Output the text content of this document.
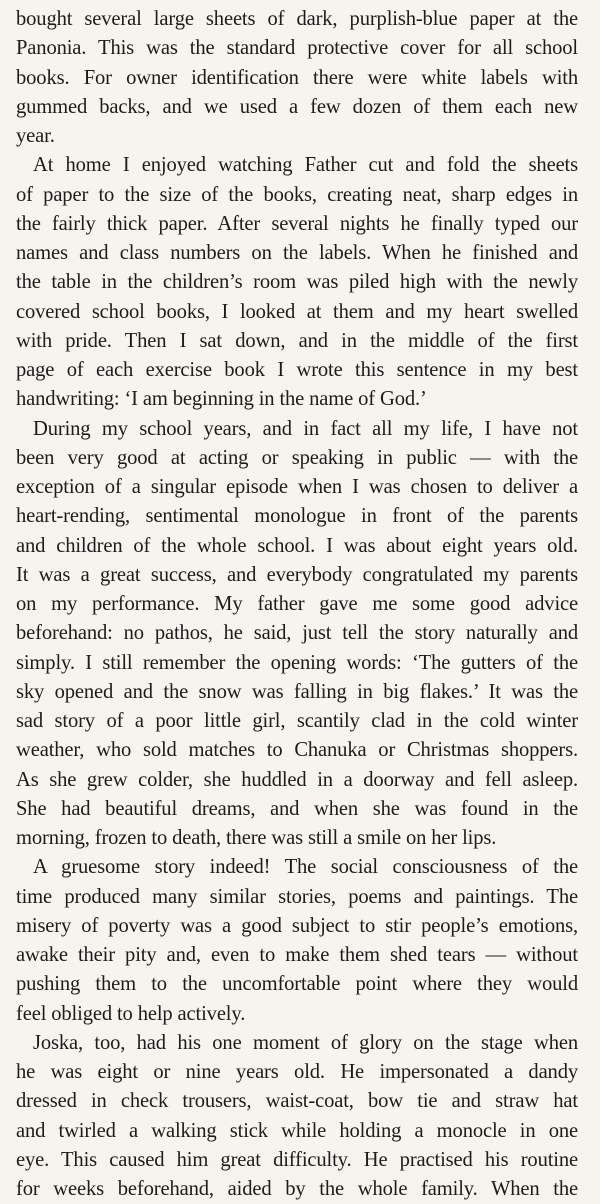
bought several large sheets of dark, purplish-blue paper at the
Panonia. This was the standard protective cover for all school
books. For owner identification there were white labels with
gummed backs, and we used a few dozen of them each new
year.
At home I enjoyed watching Father cut and fold the sheets
of paper to the size of the books, creating neat, sharp edges in
the fairly thick paper. After several nights he finally typed our
names and class numbers on the labels. When he finished and
the table in the children’s room was piled high with the newly
covered school books, I looked at them and my heart swelled
with pride. Then I sat down, and in the middle of the first
page of each exercise book I wrote this sentence in my best
handwriting: ‘I am beginning in the name of God.’
During my school years, and in fact all my life, I have not
been very good at acting or speaking in public — with the
exception of a singular episode when I was chosen to deliver a
heart-rending, sentimental monologue in front of the parents
and children of the whole school. I was about eight years old.
It was a great success, and everybody congratulated my parents
on my performance. My father gave me some good advice
beforehand: no pathos, he said, just tell the story naturally and
simply. I still remember the opening words: ‘The gutters of the
sky opened and the snow was falling in big flakes.’ It was the
sad story of a poor little girl, scantily clad in the cold winter
weather, who sold matches to Chanuka or Christmas shoppers.
As she grew colder, she huddled in a doorway and fell asleep.
She had beautiful dreams, and when she was found in the
morning, frozen to death, there was still a smile on her lips.
A gruesome story indeed! The social consciousness of the
time produced many similar stories, poems and paintings. The
misery of poverty was a good subject to stir people’s emotions,
awake their pity and, even to make them shed tears — without
pushing them to the uncomfortable point where they would
feel obliged to help actively.
Joska, too, had his one moment of glory on the stage when
he was eight or nine years old. He impersonated a dandy
dressed in check trousers, waist-coat, bow tie and straw hat
and twirled a walking stick while holding a monocle in one
eye. This caused him great difficulty. He practised his routine
for weeks beforehand, aided by the whole family. When the
